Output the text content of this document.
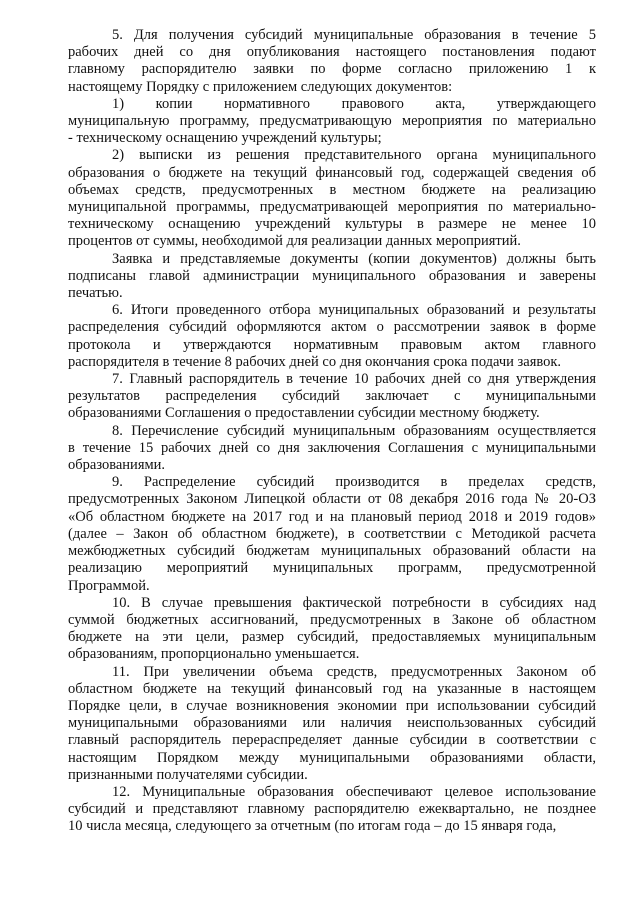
5. Для получения субсидий муниципальные образования в течение 5
рабочих дней со дня опубликования настоящего постановления подают
главному распорядителю заявки по форме согласно приложению 1 к
настоящему Порядку с приложением следующих документов:
1) копии нормативного правового акта, утверждающего
муниципальную программу, предусматривающую мероприятия по материально
- техническому оснащению учреждений культуры;
2) выписки из решения представительного органа муниципального
образования о бюджете на текущий финансовый год, содержащей сведения об
объемах средств, предусмотренных в местном бюджете на реализацию
муниципальной программы, предусматривающей мероприятия по материально-
техническому оснащению учреждений культуры в размере не менее 10
процентов от суммы, необходимой для реализации данных мероприятий.
Заявка и представляемые документы (копии документов) должны быть
подписаны главой администрации муниципального образования и заверены
печатью.
6. Итоги проведенного отбора муниципальных образований и результаты
распределения субсидий оформляются актом о рассмотрении заявок в форме
протокола и утверждаются нормативным правовым актом главного
распорядителя в течение 8 рабочих дней со дня окончания срока подачи заявок.
7. Главный распорядитель в течение 10 рабочих дней со дня утверждения
результатов распределения субсидий заключает с муниципальными
образованиями Соглашения о предоставлении субсидии местному бюджету.
8. Перечисление субсидий муниципальным образованиям осуществляется
в течение 15 рабочих дней со дня заключения Соглашения с муниципальными
образованиями.
9. Распределение субсидий производится в пределах средств,
предусмотренных Законом Липецкой области от 08 декабря 2016 года № 20-ОЗ
«Об областном бюджете на 2017 год и на плановый период 2018 и 2019 годов»
(далее – Закон об областном бюджете), в соответствии с Методикой расчета
межбюджетных субсидий бюджетам муниципальных образований области на
реализацию мероприятий муниципальных программ, предусмотренной
Программой.
10. В случае превышения фактической потребности в субсидиях над
суммой бюджетных ассигнований, предусмотренных в Законе об областном
бюджете на эти цели, размер субсидий, предоставляемых муниципальным
образованиям, пропорционально уменьшается.
11. При увеличении объема средств, предусмотренных Законом об
областном бюджете на текущий финансовый год на указанные в настоящем
Порядке цели, в случае возникновения экономии при использовании субсидий
муниципальными образованиями или наличия неиспользованных субсидий
главный распорядитель перераспределяет данные субсидии в соответствии с
настоящим Порядком между муниципальными образованиями области,
признанными получателями субсидии.
12. Муниципальные образования обеспечивают целевое использование
субсидий и представляют главному распорядителю ежеквартально, не позднее
10 числа месяца, следующего за отчетным (по итогам года – до 15 января года,
